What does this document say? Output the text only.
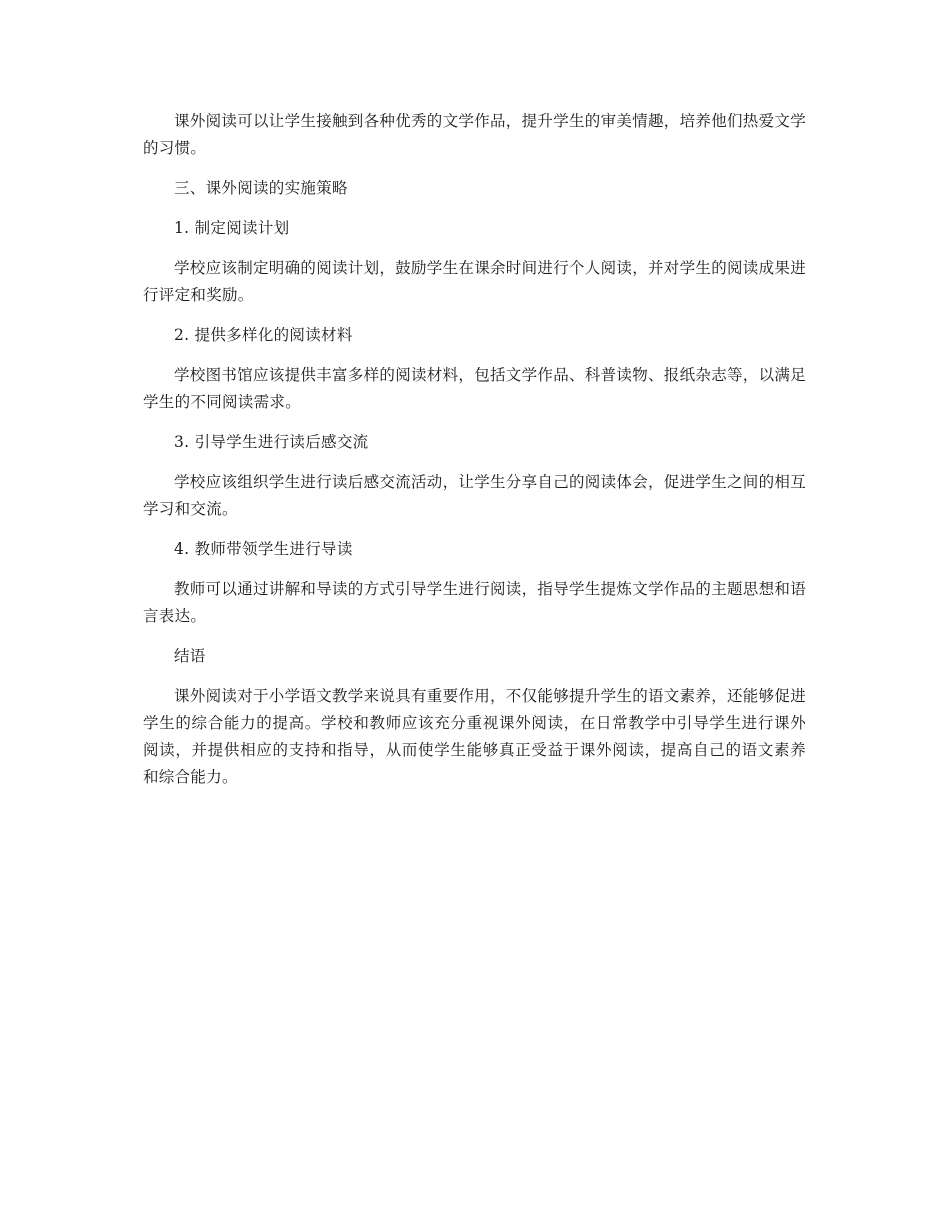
课外阅读可以让学生接触到各种优秀的文学作品，提升学生的审美情趣，培养他们热爱文学的习惯。

三、课外阅读的实施策略

1. 制定阅读计划

学校应该制定明确的阅读计划，鼓励学生在课余时间进行个人阅读，并对学生的阅读成果进行评定和奖励。

2. 提供多样化的阅读材料

学校图书馆应该提供丰富多样的阅读材料，包括文学作品、科普读物、报纸杂志等，以满足学生的不同阅读需求。

3. 引导学生进行读后感交流

学校应该组织学生进行读后感交流活动，让学生分享自己的阅读体会，促进学生之间的相互学习和交流。

4. 教师带领学生进行导读

教师可以通过讲解和导读的方式引导学生进行阅读，指导学生提炼文学作品的主题思想和语言表达。

结语

课外阅读对于小学语文教学来说具有重要作用，不仅能够提升学生的语文素养，还能够促进学生的综合能力的提高。学校和教师应该充分重视课外阅读，在日常教学中引导学生进行课外阅读，并提供相应的支持和指导，从而使学生能够真正受益于课外阅读，提高自己的语文素养和综合能力。
